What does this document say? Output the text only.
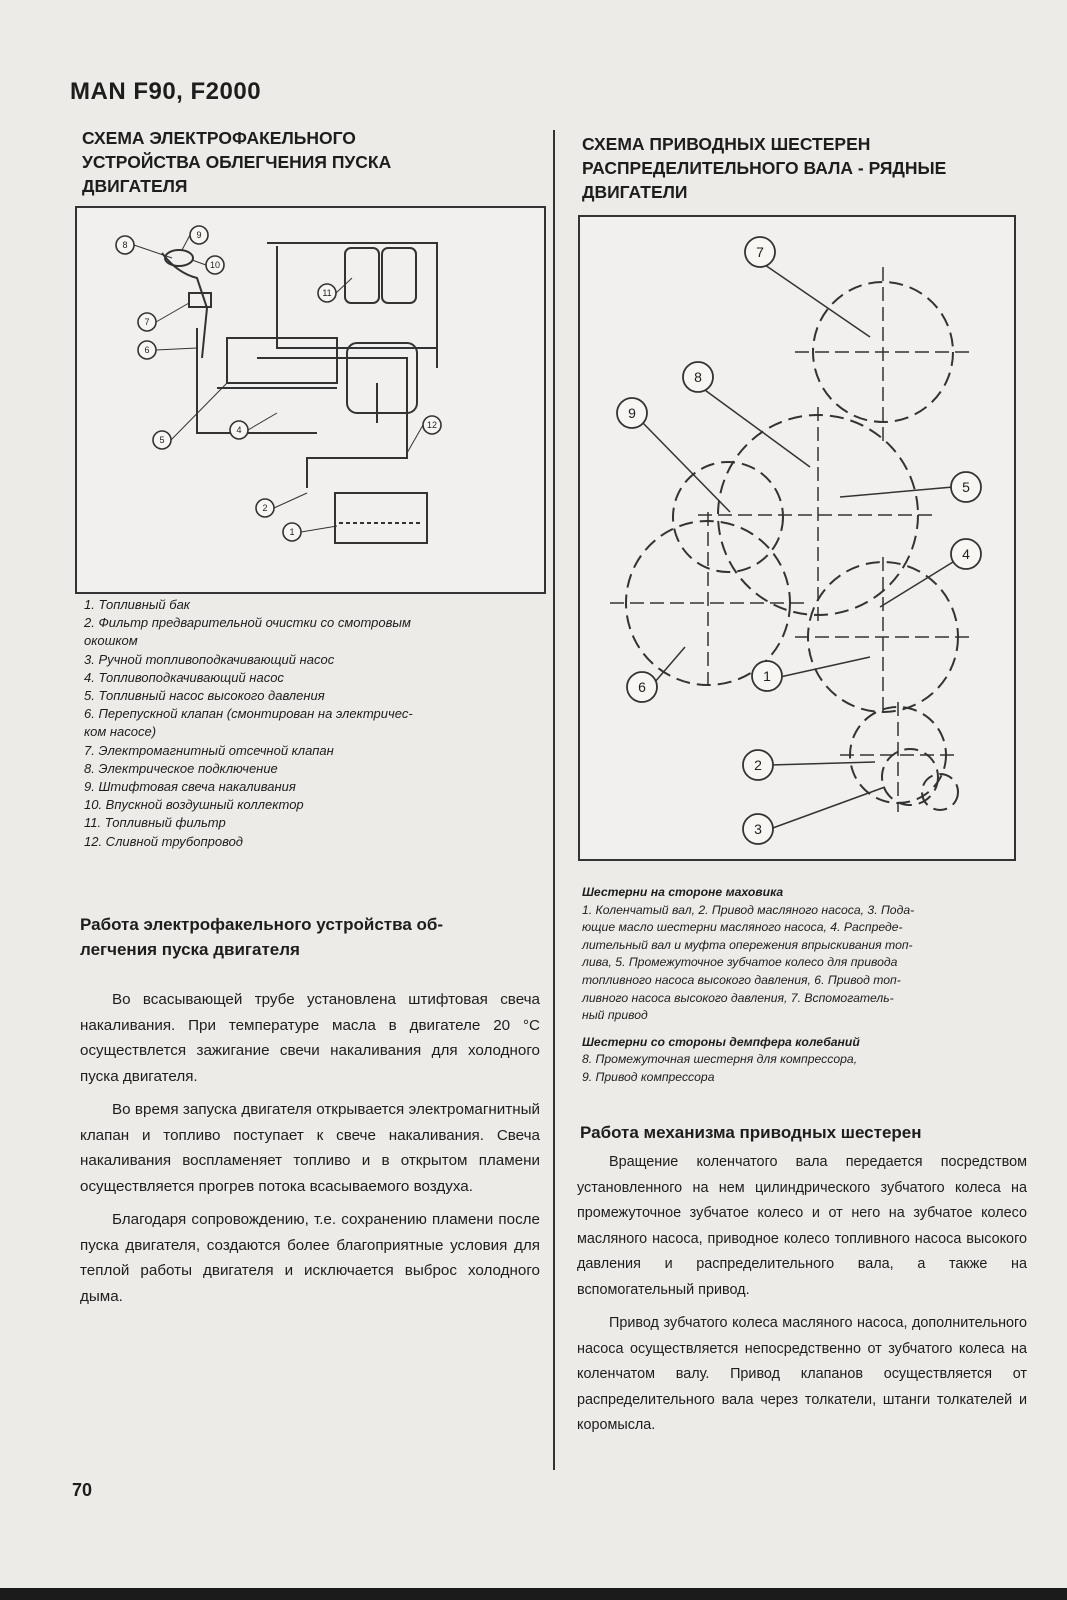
MAN F90, F2000
СХЕМА ЭЛЕКТРОФАКЕЛЬНОГО
УСТРОЙСТВА ОБЛЕГЧЕНИЯ ПУСКА
ДВИГАТЕЛЯ
8
9
10
11
7
6
12
4
5
2
1
1. Топливный бак
2. Фильтр предварительной очистки со смотровым
окошком
3. Ручной топливоподкачивающий насос
4. Топливоподкачивающий насос
5. Топливный насос высокого давления
6. Перепускной клапан (смонтирован на электричес-
ком насосе)
7. Электромагнитный отсечной клапан
8. Электрическое подключение
9. Штифтовая свеча накаливания
10. Впускной воздушный коллектор
11. Топливный фильтр
12. Сливной трубопровод
Работа электрофакельного устройства об-
легчения пуска двигателя

Во всасывающей трубе установлена штифтовая свеча накаливания. При температуре масла в двигателе 20 °С осуществлется зажигание свечи накаливания для холодного пуска двигателя.

Во время запуска двигателя открывается электромагнитный клапан и топливо поступает к свече накаливания. Свеча накаливания воспламеняет топливо и в открытом пламени осуществляется прогрев потока всасываемого воздуха.

Благодаря сопровождению, т.е. сохранению пламени после пуска двигателя, создаются более благоприятные условия для теплой работы двигателя и исключается выброс холодного дыма.

СХЕМА ПРИВОДНЫХ ШЕСТЕРЕН
РАСПРЕДЕЛИТЕЛЬНОГО ВАЛА - РЯДНЫЕ
ДВИГАТЕЛИ
7
8
9
5
4
1
6
2
3
Шестерни на стороне маховика
1. Коленчатый вал, 2. Привод масляного насоса, 3. Пода-
ющие масло шестерни масляного насоса, 4. Распреде-
лительный вал и муфта опережения впрыскивания топ-
лива, 5. Промежуточное зубчатое колесо для привода
топливного насоса высокого давления, 6. Привод топ-
ливного насоса высокого давления, 7. Вспомогатель-
ный привод
Шестерни со стороны демпфера колебаний
8. Промежуточная шестерня для компрессора,
9. Привод компрессора
Работа механизма приводных шестерен

Вращение коленчатого вала передается посредством установленного на нем цилиндрического зубчатого колеса на промежуточное зубчатое колесо и от него на зубчатое колесо масляного насоса, приводное колесо топливного насоса высокого давления и распределительного вала, а также на вспомогательный привод.

Привод зубчатого колеса масляного насоса, дополнительного насоса осуществляется непосредственно от зубчатого колеса на коленчатом валу. Привод клапанов осуществляется от распределительного вала через толкатели, штанги толкателей и коромысла.

70
